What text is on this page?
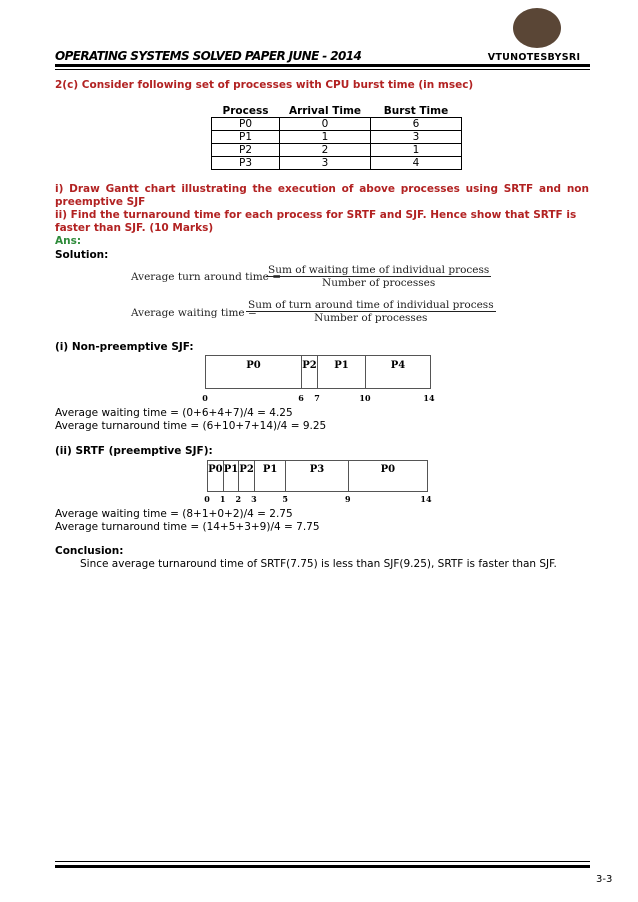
VTUNOTESBYSRI
OPERATING SYSTEMS SOLVED PAPER JUNE - 2014
2(c) Consider following set of processes with CPU burst time (in msec)
Process	Arrival Time	Burst Time
P0	0	6
P1	1	3
P2	2	1
P3	3	4
i) Draw Gantt chart illustrating the execution of above processes using SRTF and non preemptive SJF
ii) Find the turnaround time for each process for SRTF and SJF. Hence show that SRTF is faster than SJF. (10 Marks)
Ans:
Solution:
Average turn around time =
Sum of waiting time of individual process
Number of processes
Average waiting time =
Sum of turn around time of individual process
Number of processes
(i) Non-preemptive SJF:
P0	P2	P1	P4
0	6 7	10	14
Average waiting time = (0+6+4+7)/4 = 4.25
Average turnaround time = (6+10+7+14)/4 = 9.25
(ii) SRTF (preemptive SJF):
P0 P1 P2 P1	P3	P0
0 1 2 3	5	9	14
Average waiting time = (8+1+0+2)/4 = 2.75
Average turnaround time = (14+5+3+9)/4 = 7.75
Conclusion:
Since average turnaround time of SRTF(7.75) is less than SJF(9.25), SRTF is faster than SJF.
3-3
